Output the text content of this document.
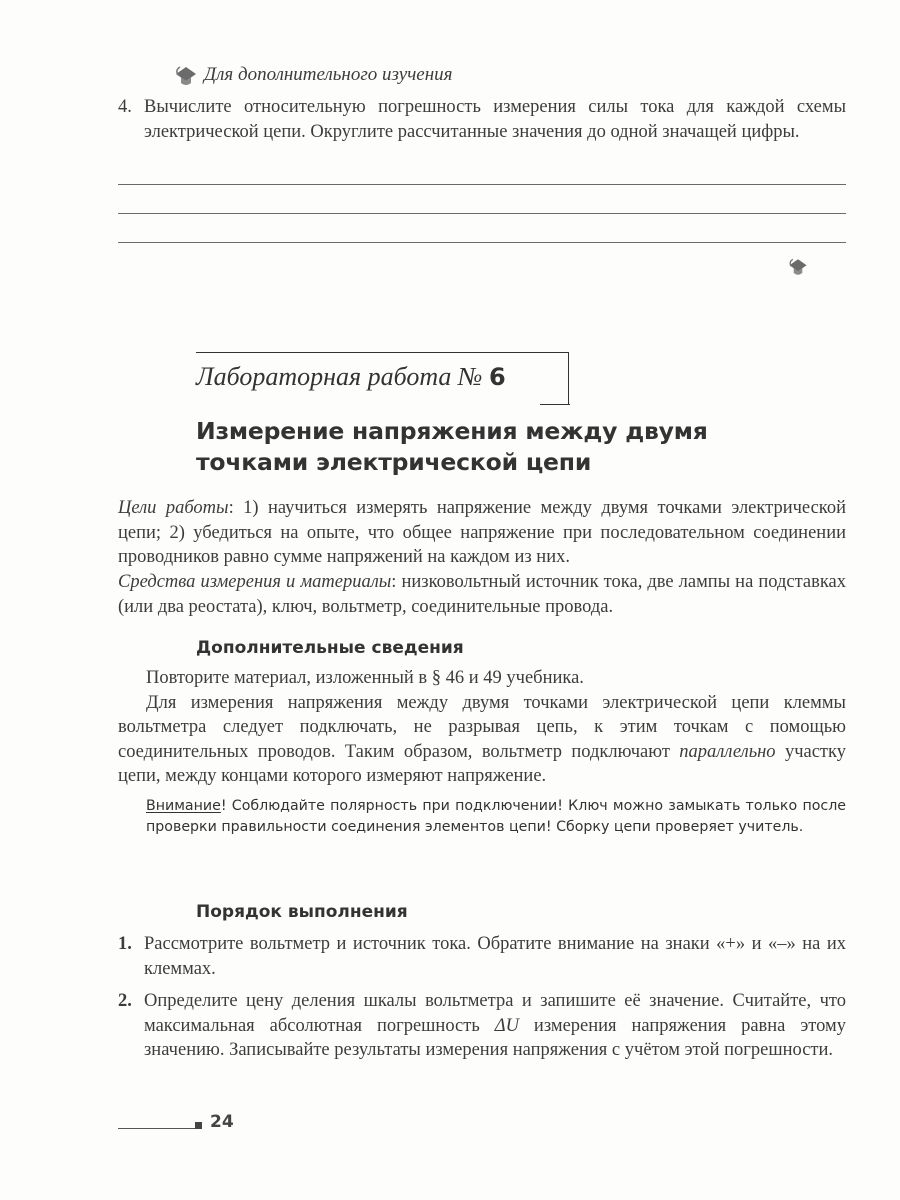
Для дополнительного изучения
4. Вычислите относительную погрешность измерения силы тока для каждой схемы электрической цепи. Округлите рассчитанные значения до одной значащей цифры.
Лабораторная работа № 6
Измерение напряжения между двумя точками электрической цепи
Цели работы: 1) научиться измерять напряжение между двумя точками электрической цепи; 2) убедиться на опыте, что общее напряжение при последовательном соединении проводников равно сумме напряжений на каждом из них.
Средства измерения и материалы: низковольтный источник тока, две лампы на подставках (или два реостата), ключ, вольтметр, соединительные провода.
Дополнительные сведения
Повторите материал, изложенный в § 46 и 49 учебника.
Для измерения напряжения между двумя точками электрической цепи клеммы вольтметра следует подключать, не разрывая цепь, к этим точкам с помощью соединительных проводов. Таким образом, вольтметр подключают параллельно участку цепи, между концами которого измеряют напряжение.
Внимание! Соблюдайте полярность при подключении! Ключ можно замыкать только после проверки правильности соединения элементов цепи! Сборку цепи проверяет учитель.
Порядок выполнения
1. Рассмотрите вольтметр и источник тока. Обратите внимание на знаки «+» и «–» на их клеммах.
2. Определите цену деления шкалы вольтметра и запишите её значение. Считайте, что максимальная абсолютная погрешность ΔU измерения напряжения равна этому значению. Записывайте результаты измерения напряжения с учётом этой погрешности.
24
